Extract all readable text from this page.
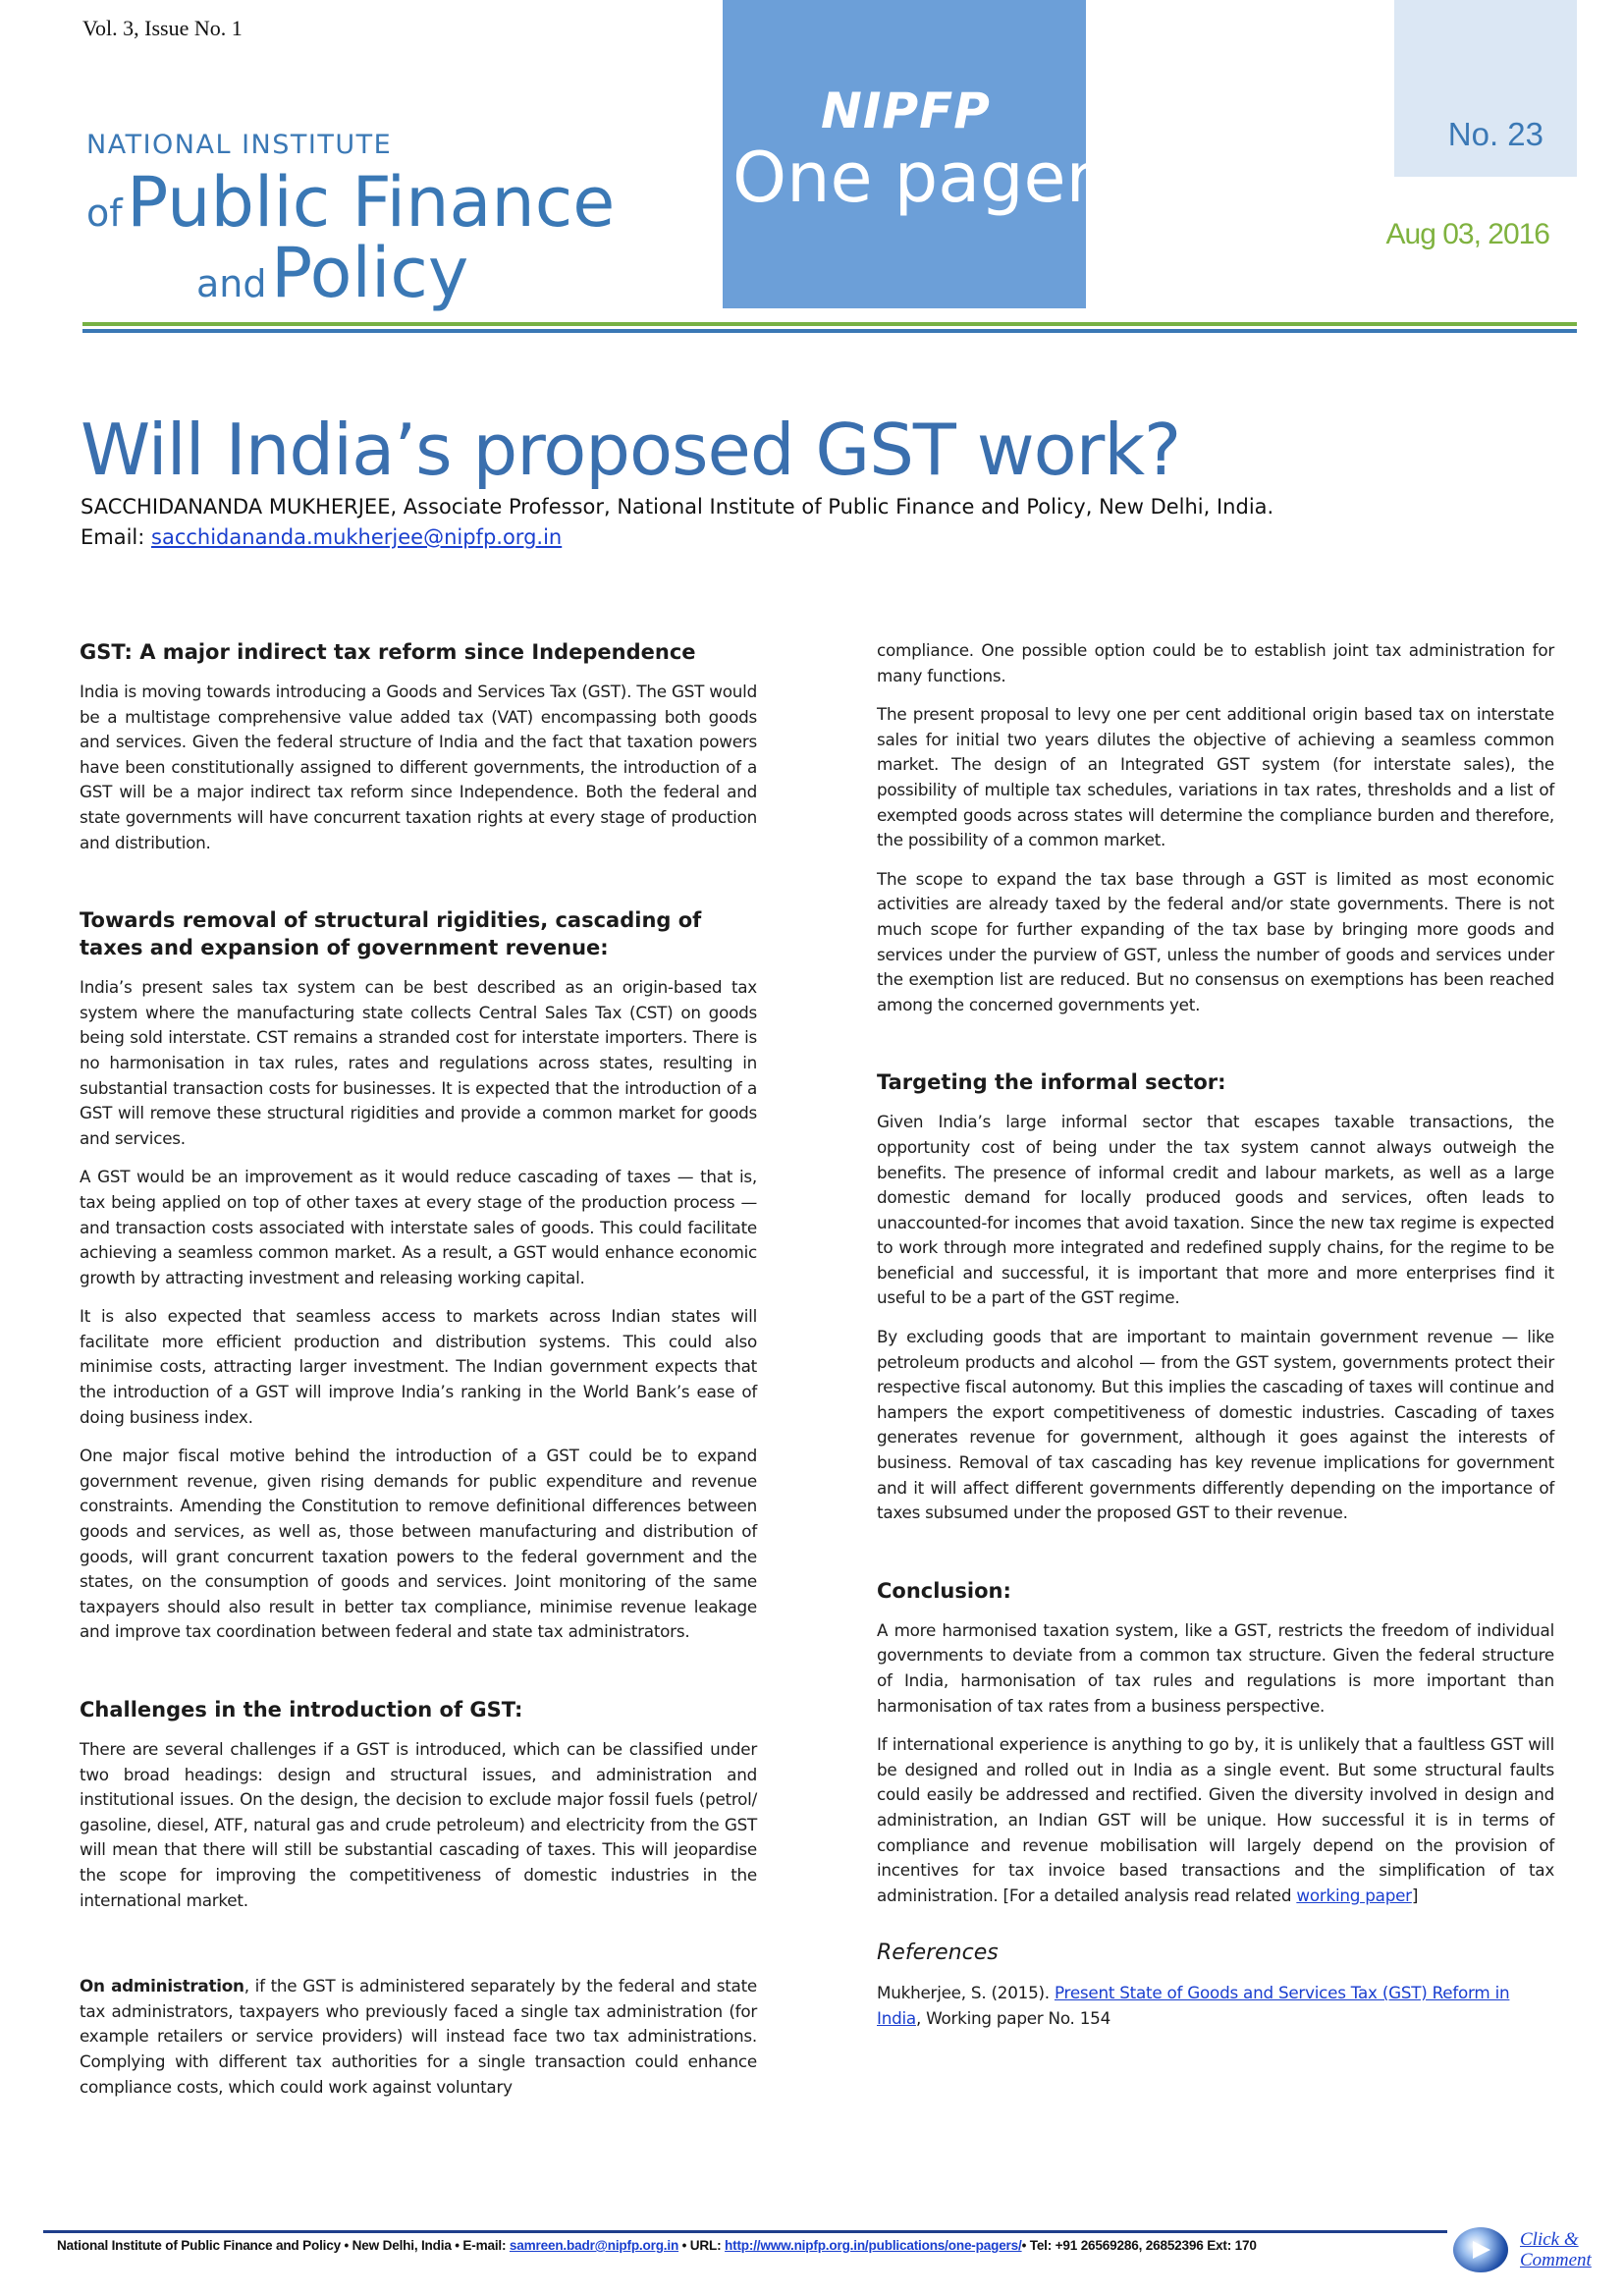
Vol. 3, Issue No. 1
NATIONAL INSTITUTE
of Public Finance
and Policy
NIPFP
One pager
No. 23
Aug 03, 2016
Will India’s proposed GST work?
SACCHIDANANDA MUKHERJEE, Associate Professor, National Institute of Public Finance and Policy, New Delhi, India.
Email: sacchidananda.mukherjee@nipfp.org.in
GST: A major indirect tax reform since Independence

India is moving towards introducing a Goods and Services Tax (GST). The GST would be a multistage comprehensive value added tax (VAT) encompassing both goods and services. Given the federal structure of India and the fact that taxation powers have been constitutionally assigned to different governments, the introduction of a GST will be a major indirect tax reform since Independence. Both the federal and state governments will have concurrent taxation rights at every stage of production and distribution.

Towards removal of structural rigidities, cascading of taxes and expansion of government revenue:

India’s present sales tax system can be best described as an origin-based tax system where the manufacturing state collects Central Sales Tax (CST) on goods being sold interstate. CST remains a stranded cost for interstate importers. There is no harmonisation in tax rules, rates and regulations across states, resulting in substantial transaction costs for businesses. It is expected that the introduction of a GST will remove these structural rigidities and provide a common market for goods and services.

A GST would be an improvement as it would reduce cascading of taxes — that is, tax being applied on top of other taxes at every stage of the production process — and transaction costs associated with interstate sales of goods. This could facilitate achieving a seamless common market. As a result, a GST would enhance economic growth by attracting investment and releasing working capital.

It is also expected that seamless access to markets across Indian states will facilitate more efficient production and distribution systems. This could also minimise costs, attracting larger investment. The Indian government expects that the introduction of a GST will improve India’s ranking in the World Bank’s ease of doing business index.

One major fiscal motive behind the introduction of a GST could be to expand government revenue, given rising demands for public expenditure and revenue constraints. Amending the Constitution to remove definitional differences between goods and services, as well as, those between manufacturing and distribution of goods, will grant concurrent taxation powers to the federal government and the states, on the consumption of goods and services. Joint monitoring of the same taxpayers should also result in better tax compliance, minimise revenue leakage and improve tax coordination between federal and state tax administrators.

Challenges in the introduction of GST:

There are several challenges if a GST is introduced, which can be classified under two broad headings: design and structural issues, and administration and institutional issues. On the design, the decision to exclude major fossil fuels (petrol/ gasoline, diesel, ATF, natural gas and crude petroleum) and electricity from the GST will mean that there will still be substantial cascading of taxes. This will jeopardise the scope for improving the competitiveness of domestic industries in the international market.

On administration, if the GST is administered separately by the federal and state tax administrators, taxpayers who previously faced a single tax administration (for example retailers or service providers) will instead face two tax administrations. Complying with different tax authorities for a single transaction could enhance compliance costs, which could work against voluntary

compliance. One possible option could be to establish joint tax administration for many functions.

The present proposal to levy one per cent additional origin based tax on interstate sales for initial two years dilutes the objective of achieving a seamless common market. The design of an Integrated GST system (for interstate sales), the possibility of multiple tax schedules, variations in tax rates, thresholds and a list of exempted goods across states will determine the compliance burden and therefore, the possibility of a common market.

The scope to expand the tax base through a GST is limited as most economic activities are already taxed by the federal and/or state governments. There is not much scope for further expanding of the tax base by bringing more goods and services under the purview of GST, unless the number of goods and services under the exemption list are reduced. But no consensus on exemptions has been reached among the concerned governments yet.

Targeting the informal sector:

Given India’s large informal sector that escapes taxable transactions, the opportunity cost of being under the tax system cannot always outweigh the benefits. The presence of informal credit and labour markets, as well as a large domestic demand for locally produced goods and services, often leads to unaccounted-for incomes that avoid taxation. Since the new tax regime is expected to work through more integrated and redefined supply chains, for the regime to be beneficial and successful, it is important that more and more enterprises find it useful to be a part of the GST regime.

By excluding goods that are important to maintain government revenue — like petroleum products and alcohol — from the GST system, governments protect their respective fiscal autonomy. But this implies the cascading of taxes will continue and hampers the export competitiveness of domestic industries. Cascading of taxes generates revenue for government, although it goes against the interests of business. Removal of tax cascading has key revenue implications for government and it will affect different governments differently depending on the importance of taxes subsumed under the proposed GST to their revenue.

Conclusion:

A more harmonised taxation system, like a GST, restricts the freedom of individual governments to deviate from a common tax structure. Given the federal structure of India, harmonisation of tax rules and regulations is more important than harmonisation of tax rates from a business perspective.

If international experience is anything to go by, it is unlikely that a faultless GST will be designed and rolled out in India as a single event. But some structural faults could easily be addressed and rectified. Given the diversity involved in design and administration, an Indian GST will be unique. How successful it is in terms of compliance and revenue mobilisation will largely depend on the provision of incentives for tax invoice based transactions and the simplification of tax administration. [For a detailed analysis read related working paper]

References

Mukherjee, S. (2015). Present State of Goods and Services Tax (GST) Reform in India, Working paper No. 154

National Institute of Public Finance and Policy • New Delhi, India • E-mail: samreen.badr@nipfp.org.in • URL: http://www.nipfp.org.in/publications/one-pagers/• Tel: +91 26569286, 26852396 Ext: 170	Click &
Comment
